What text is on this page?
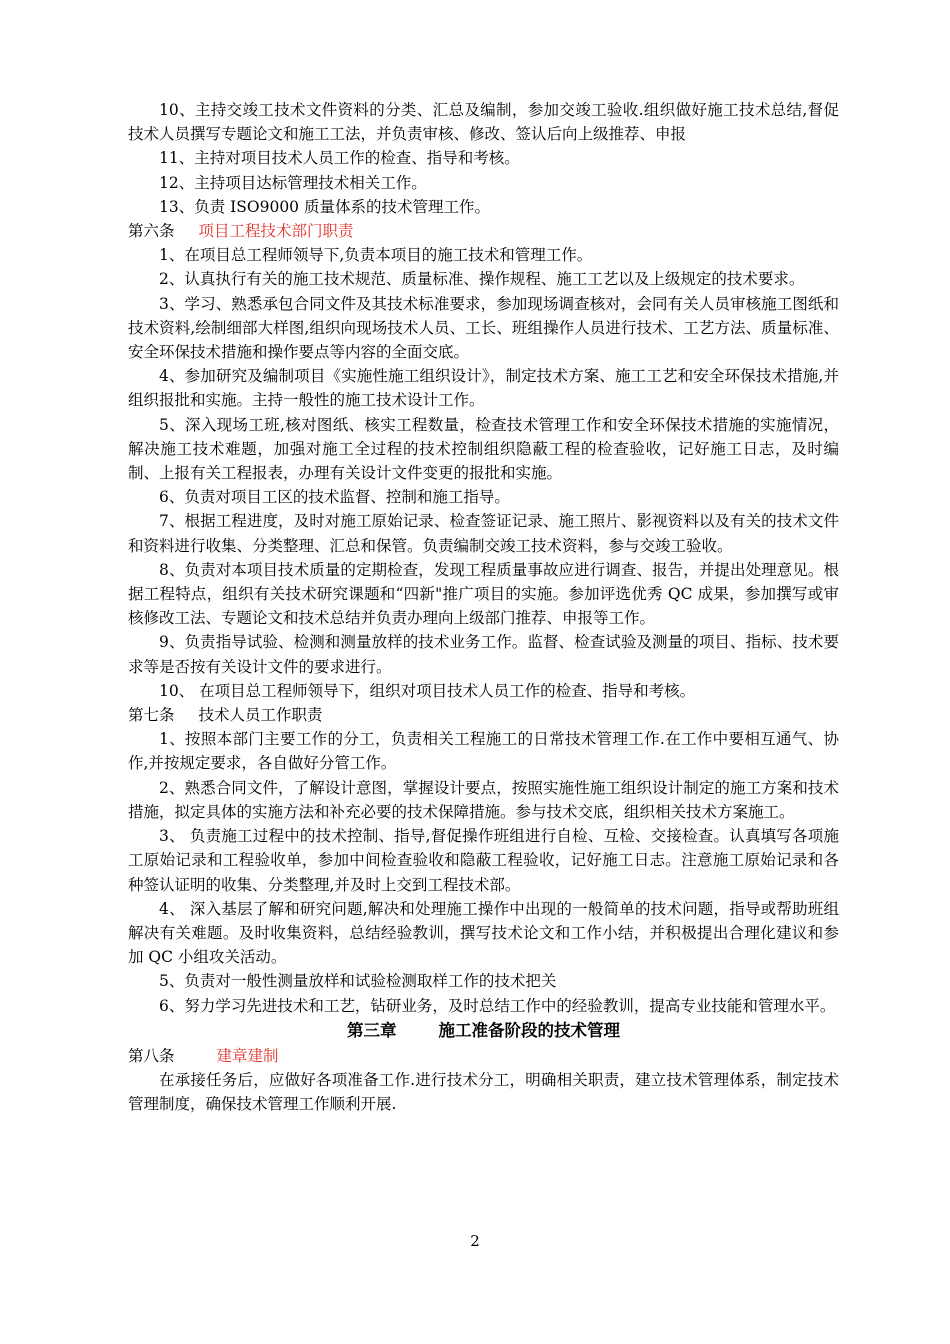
10、主持交竣工技术文件资料的分类、汇总及编制，参加交竣工验收.组织做好施工技术总结,督促技术人员撰写专题论文和施工工法，并负责审核、修改、签认后向上级推荐、申报

11、主持对项目技术人员工作的检查、指导和考核。

12、主持项目达标管理技术相关工作。

13、负责 ISO9000 质量体系的技术管理工作。

第六条 项目工程技术部门职责

1、在项目总工程师领导下,负责本项目的施工技术和管理工作。

2、认真执行有关的施工技术规范、质量标准、操作规程、施工工艺以及上级规定的技术要求。

3、学习、熟悉承包合同文件及其技术标准要求，参加现场调查核对，会同有关人员审核施工图纸和技术资料,绘制细部大样图,组织向现场技术人员、工长、班组操作人员进行技术、工艺方法、质量标准、安全环保技术措施和操作要点等内容的全面交底。

4、参加研究及编制项目《实施性施工组织设计》，制定技术方案、施工工艺和安全环保技术措施,并组织报批和实施。主持一般性的施工技术设计工作。

5、深入现场工班,核对图纸、核实工程数量，检查技术管理工作和安全环保技术措施的实施情况，解决施工技术难题，加强对施工全过程的技术控制组织隐蔽工程的检查验收，记好施工日志，及时编制、上报有关工程报表，办理有关设计文件变更的报批和实施。

6、负责对项目工区的技术监督、控制和施工指导。

7、根据工程进度，及时对施工原始记录、检查签证记录、施工照片、影视资料以及有关的技术文件和资料进行收集、分类整理、汇总和保管。负责编制交竣工技术资料，参与交竣工验收。

8、负责对本项目技术质量的定期检查，发现工程质量事故应进行调查、报告，并提出处理意见。根据工程特点，组织有关技术研究课题和“四新"推广项目的实施。参加评选优秀 QC 成果，参加撰写或审核修改工法、专题论文和技术总结并负责办理向上级部门推荐、申报等工作。

9、负责指导试验、检测和测量放样的技术业务工作。监督、检查试验及测量的项目、指标、技术要求等是否按有关设计文件的要求进行。

10、 在项目总工程师领导下，组织对项目技术人员工作的检查、指导和考核。

第七条 技术人员工作职责

1、按照本部门主要工作的分工，负责相关工程施工的日常技术管理工作.在工作中要相互通气、协作,并按规定要求，各自做好分管工作。

2、熟悉合同文件，了解设计意图，掌握设计要点，按照实施性施工组织设计制定的施工方案和技术措施，拟定具体的实施方法和补充必要的技术保障措施。参与技术交底，组织相关技术方案施工。

3、 负责施工过程中的技术控制、指导,督促操作班组进行自检、互检、交接检查。认真填写各项施工原始记录和工程验收单，参加中间检查验收和隐蔽工程验收，记好施工日志。注意施工原始记录和各种签认证明的收集、分类整理,并及时上交到工程技术部。

4、 深入基层了解和研究问题,解决和处理施工操作中出现的一般简单的技术问题，指导或帮助班组解决有关难题。及时收集资料，总结经验教训，撰写技术论文和工作小结，并积极提出合理化建议和参加 QC 小组攻关活动。

5、负责对一般性测量放样和试验检测取样工作的技术把关

6、努力学习先进技术和工艺，钻研业务，及时总结工作中的经验教训，提高专业技能和管理水平。

第三章	施工准备阶段的技术管理

第八条	建章建制

在承接任务后，应做好各项准备工作.进行技术分工，明确相关职责，建立技术管理体系，制定技术管理制度，确保技术管理工作顺利开展.

2
